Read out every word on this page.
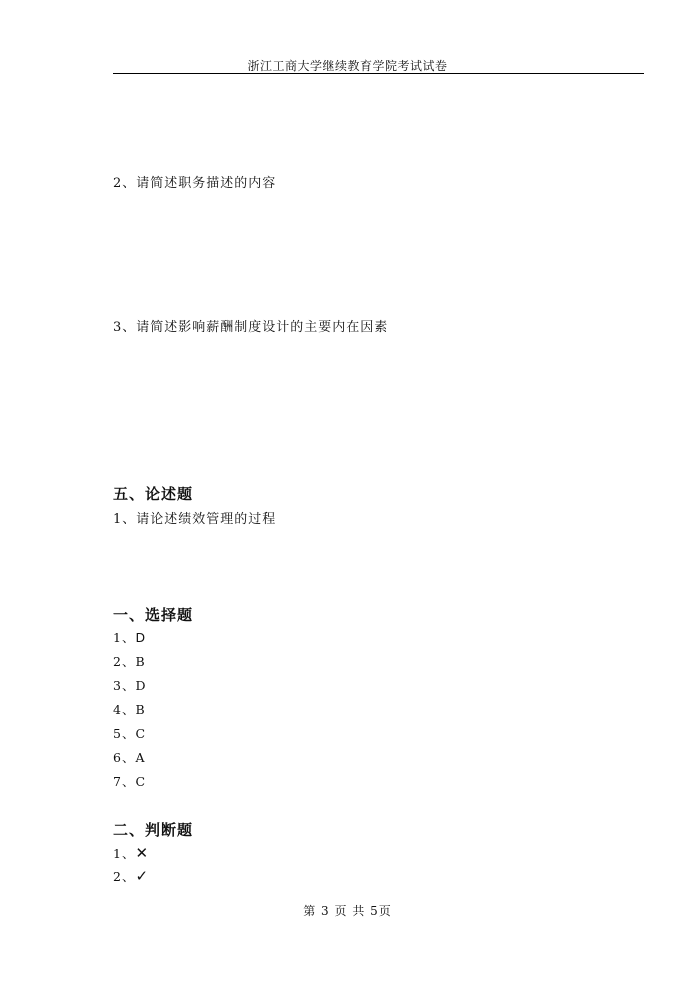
浙江工商大学继续教育学院考试试卷
2、请简述职务描述的内容
3、请简述影响薪酬制度设计的主要内在因素
五、论述题
1、请论述绩效管理的过程
一、选择题
1、D
2、B
3、D
4、B
5、C
6、A
7、C
二、判断题
1、✕
2、✓
第 3 页 共 5页
